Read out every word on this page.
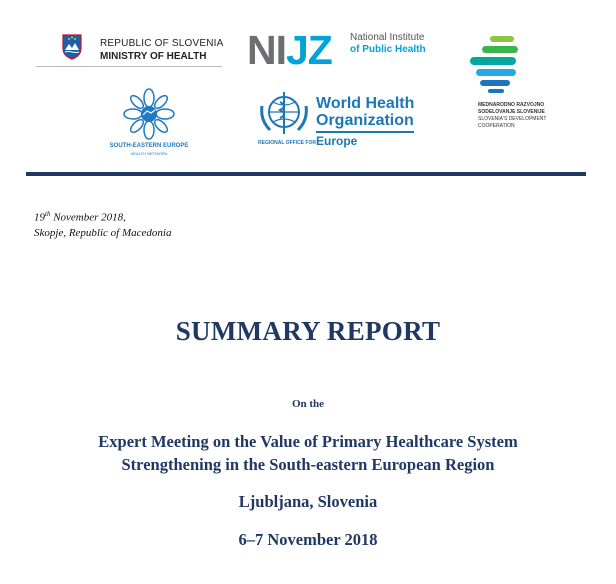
REPUBLIC OF SLOVENIA
MINISTRY OF HEALTH NIJZ National Institute
of Public Health
MEDNARODNO RAZVOJNO
SODELOVANJE SLOVENIJE
SLOVENIA'S DEVELOPMENT
COOPERATION
SOUTH-EASTERN EUROPE
HEALTH NETWORK
World Health
Organization
REGIONAL OFFICE FOR Europe
19th November 2018,
Skopje, Republic of Macedonia
SUMMARY REPORT
On the
Expert Meeting on the Value of Primary Healthcare System
Strengthening in the South-eastern European Region
Ljubljana, Slovenia
6–7 November 2018
